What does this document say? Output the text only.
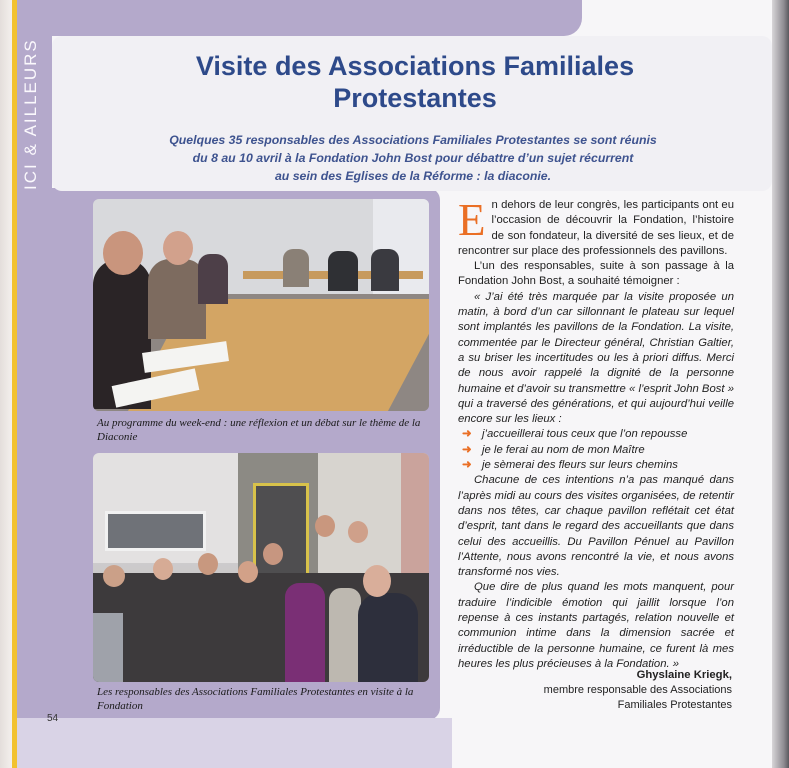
ICI & AILLEURS	Visite des Associations Familiales
Protestantes

Quelques 35 responsables des Associations Familiales Protestantes se sont réunis
du 8 au 10 avril à la Fondation John Bost pour débattre d’un sujet récurrent
au sein des Eglises de la Réforme : la diaconie.

Au programme du week-end : une réflexion et un débat sur le thème de la Diaconie

Les responsables des Associations Familiales Protestantes en visite à la Fondation

54
E n dehors de leur congrès, les participants ont eu l’occasion de découvrir la Fondation, l’histoire de son fondateur, la diversité de ses lieux, et de rencontrer sur place des professionnels des pavillons.

L’un des responsables, suite à son passage à la Fondation John Bost, a souhaité témoigner :

« J’ai été très marquée par la visite proposée un matin, à bord d’un car sillonnant le plateau sur lequel sont implantés les pavillons de la Fondation. La visite, commentée par le Directeur général, Christian Galtier, a su briser les incertitudes ou les à priori diffus. Merci de nous avoir rappelé la dignité de la personne humaine et d’avoir su transmettre « l’esprit John Bost » qui a traversé des générations, et qui aujourd’hui veille encore sur les lieux :

➜ j’accueillerai tous ceux que l’on repousse
➜ je le ferai au nom de mon Maître
➜ je sèmerai des fleurs sur leurs chemins

Chacune de ces intentions n’a pas manqué dans l’après midi au cours des visites organisées, de retentir dans nos têtes, car chaque pavillon reflétait cet état d’esprit, tant dans le regard des accueillants que dans celui des accueillis. Du Pavillon Pénuel au Pavillon l’Attente, nous avons rencontré la vie, et nous avons transformé nos vies.

Que dire de plus quand les mots manquent, pour traduire l’indicible émotion qui jaillit lorsque l’on repense à ces instants partagés, relation nouvelle et communion intime dans la dimension sacrée et irréductible de la personne humaine, ce furent là mes heures les plus précieuses à la Fondation. »

Ghyslaine Kriegk,
membre responsable des Associations
Familiales Protestantes
